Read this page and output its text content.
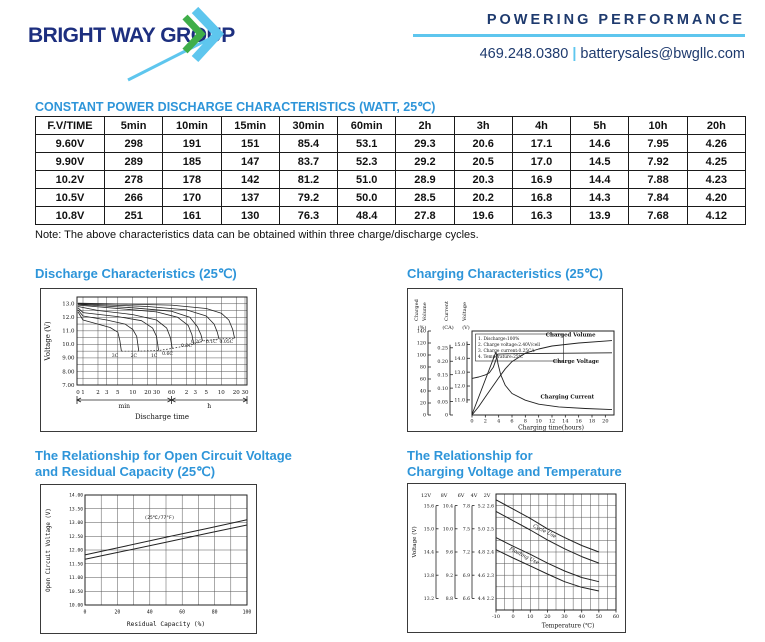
BRIGHT WAY GROUP
POWERING PERFORMANCE
469.248.0380 | batterysales@bwgllc.com
CONSTANT POWER DISCHARGE CHARACTERISTICS (WATT, 25℃)
F.V/TIME	5min	10min	15min	30min	60min	2h	3h	4h	5h	10h	20h
9.60V	298	191	151	85.4	53.1	29.3	20.6	17.1	14.6	7.95	4.26
9.90V	289	185	147	83.7	52.3	29.2	20.5	17.0	14.5	7.92	4.25
10.2V	278	178	142	81.2	51.0	28.9	20.3	16.9	14.4	7.88	4.23
10.5V	266	170	137	79.2	50.0	28.5	20.2	16.8	14.3	7.84	4.20
10.8V	251	161	130	76.3	48.4	27.8	19.6	16.3	13.9	7.68	4.12
Note: The above characteristics data can be obtained within three charge/discharge cycles.
Discharge Characteristics (25℃)	Charging Characteristics (25℃)
The Relationship for Open Circuit Voltage
and Residual Capacity (25℃)
The Relationship for
Charging Voltage and Temperature
13.0
12.0
11.0
10.0
9.00
8.00
7.00
Voltage (V)
0 1 2 3 5 10 20 30 60 2 3 5 10 20 30
min	h
Discharge time
3C	2C	1C 0.6C
0.3C
0.2C 0.1C 0.05C
Charged Volume	Current Voltage
(%)	(CA) (V)
140
120
100
80
60
40
20
0
0.25
0.20
0.15
0.10
0.05
0
15.0
14.0
13.0
12.0
11.0
0 2 4 6 8 10 12 14 16 18 20
Charging time(hours)
1. Discharge:100%
2. Charge voltage:2.40V/cell
3. Charge current:0.25CA
4. Temperature:25℃
Charged Volume
Charge Voltage
Charging Current
14.00
13.50
13.00
12.50
12.00
11.50
11.00
10.50
10.00
0	20	40	60	80	100
Open Circuit Voltage (V)
Residual Capacity (%)
(25℃/77°F)
12V
15.6
15.0
14.4
13.8
13.2
8V
10.4
10.0
9.6
9.2
8.8
6V
7.8
7.5
7.2
6.9
6.6
4V
5.2
5.0
4.8
4.6
4.4
2V
2.6
2.5
2.4
2.3
2.2
Voltage (V)
-10 0 10 20 30 40 50 60
Temperature (℃)
Cycle Use
Floating Use
